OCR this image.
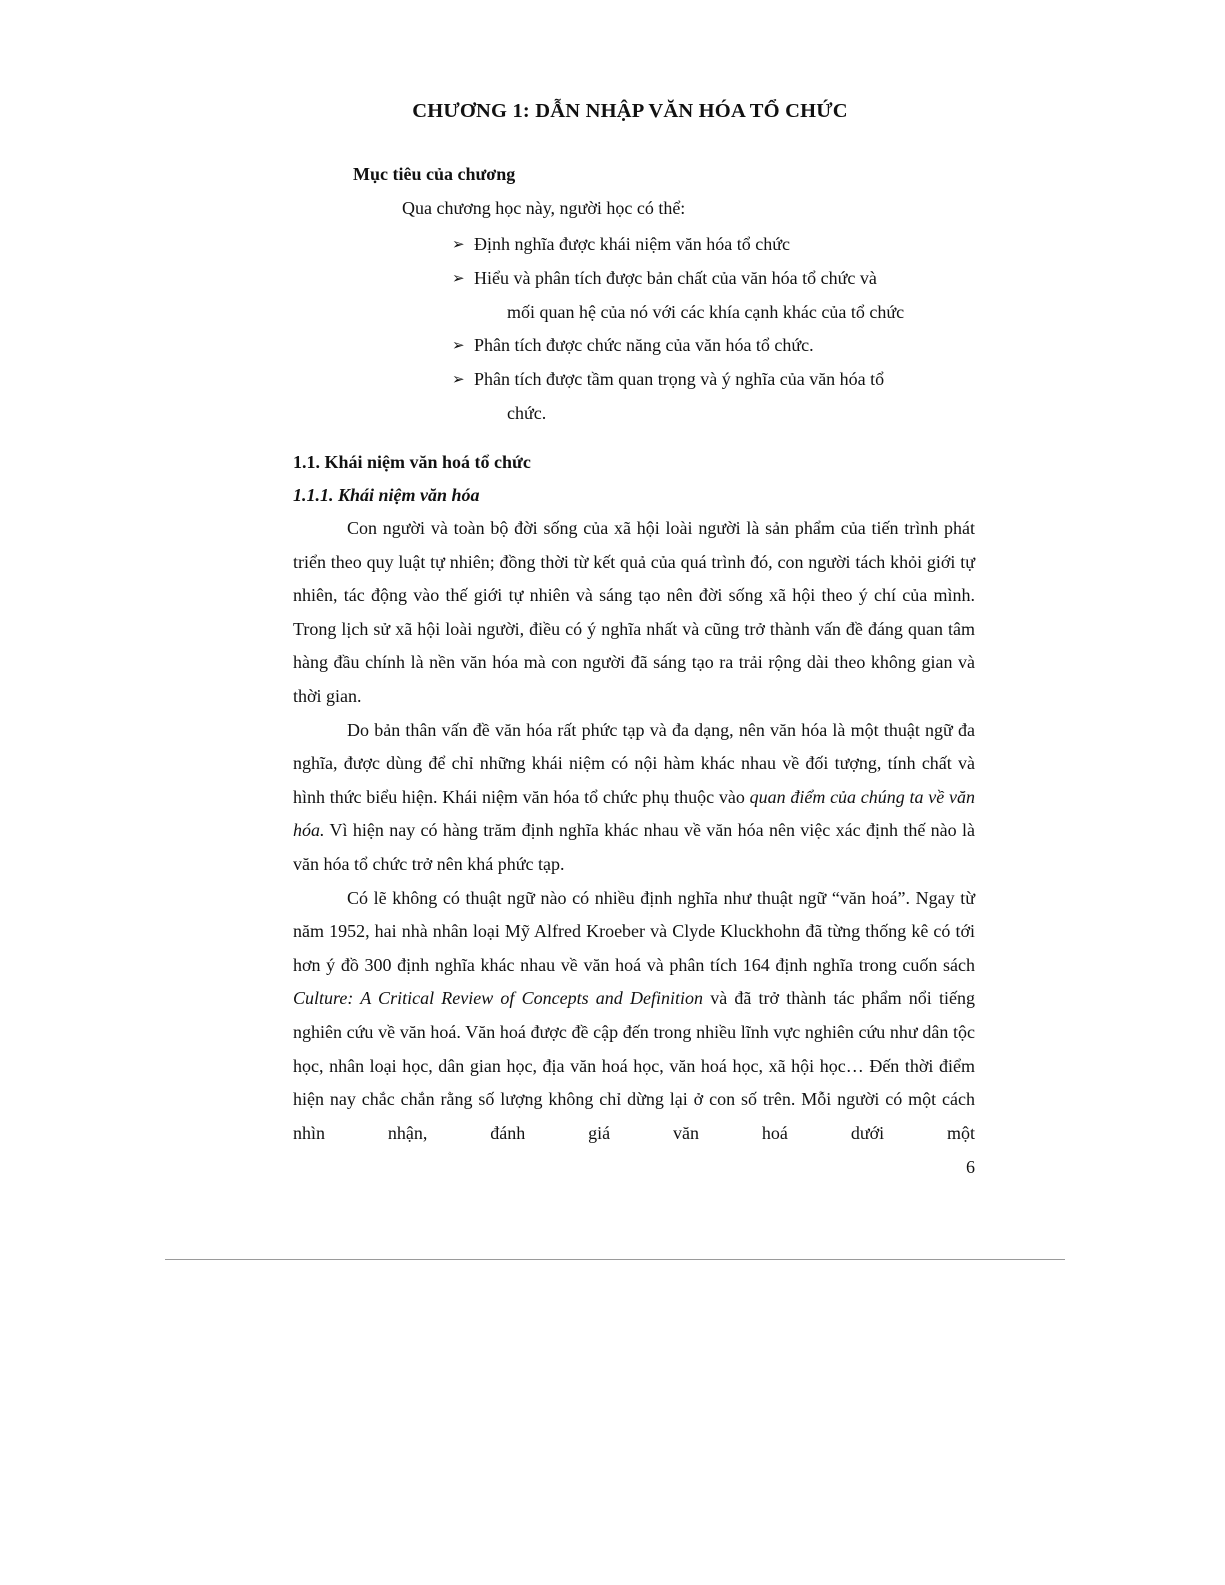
CHƯƠNG 1: DẪN NHẬP VĂN HÓA TỔ CHỨC
Mục tiêu của chương

Qua chương học này, người học có thể:

➢ Định nghĩa được khái niệm văn hóa tổ chức
➢ Hiểu và phân tích được bản chất của văn hóa tổ chức và
mối quan hệ của nó với các khía cạnh khác của tổ chức
➢ Phân tích được chức năng của văn hóa tổ chức.
➢ Phân tích được tầm quan trọng và ý nghĩa của văn hóa tổ
chức.
1.1. Khái niệm văn hoá tổ chức
1.1.1. Khái niệm văn hóa

Con người và toàn bộ đời sống của xã hội loài người là sản phẩm của tiến trình phát triển theo quy luật tự nhiên; đồng thời từ kết quả của quá trình đó, con người tách khỏi giới tự nhiên, tác động vào thế giới tự nhiên và sáng tạo nên đời sống xã hội theo ý chí của mình. Trong lịch sử xã hội loài người, điều có ý nghĩa nhất và cũng trở thành vấn đề đáng quan tâm hàng đầu chính là nền văn hóa mà con người đã sáng tạo ra trải rộng dài theo không gian và thời gian.

Do bản thân vấn đề văn hóa rất phức tạp và đa dạng, nên văn hóa là một thuật ngữ đa nghĩa, được dùng để chỉ những khái niệm có nội hàm khác nhau về đối tượng, tính chất và hình thức biểu hiện. Khái niệm văn hóa tổ chức phụ thuộc vào quan điểm của chúng ta về văn hóa. Vì hiện nay có hàng trăm định nghĩa khác nhau về văn hóa nên việc xác định thế nào là văn hóa tổ chức trở nên khá phức tạp.

Có lẽ không có thuật ngữ nào có nhiều định nghĩa như thuật ngữ “văn hoá”. Ngay từ năm 1952, hai nhà nhân loại Mỹ Alfred Kroeber và Clyde Kluckhohn đã từng thống kê có tới hơn ý đồ 300 định nghĩa khác nhau về văn hoá và phân tích 164 định nghĩa trong cuốn sách Culture: A Critical Review of Concepts and Definition và đã trở thành tác phẩm nổi tiếng nghiên cứu về văn hoá. Văn hoá được đề cập đến trong nhiều lĩnh vực nghiên cứu như dân tộc học, nhân loại học, dân gian học, địa văn hoá học, văn hoá học, xã hội học… Đến thời điểm hiện nay chắc chắn rằng số lượng không chỉ dừng lại ở con số trên. Mỗi người có một cách nhìn nhận, đánh giá văn hoá dưới một

6
